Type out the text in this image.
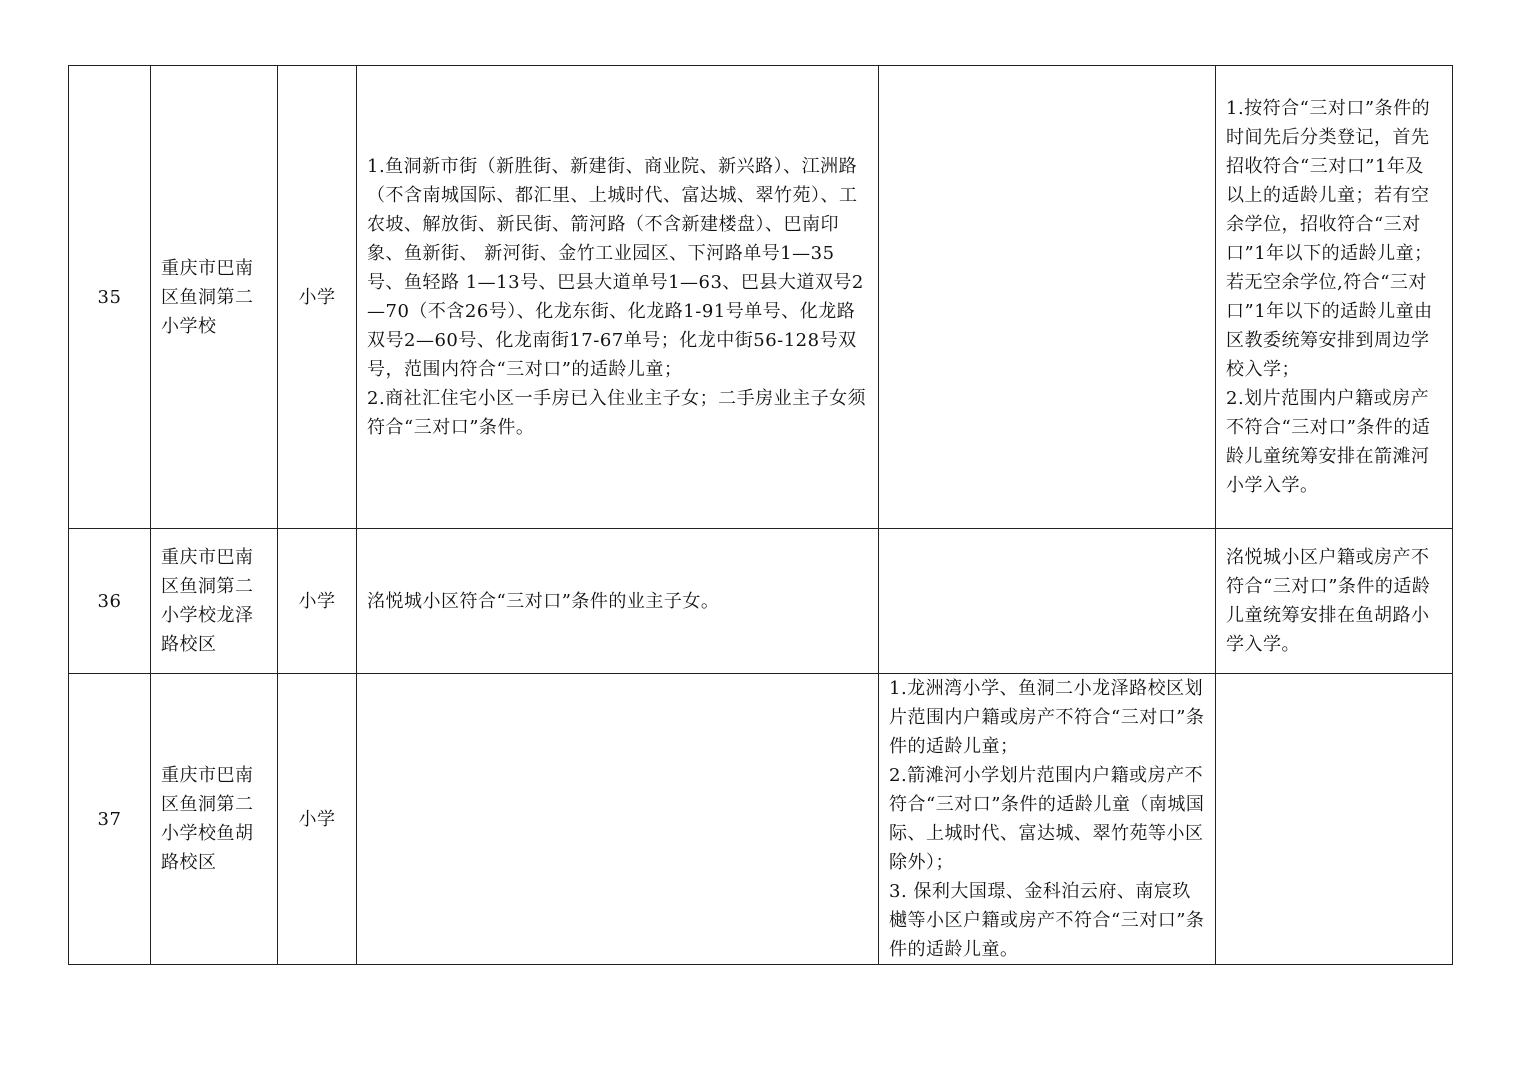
35	重庆市巴南区鱼洞第二小学校	小学	1.鱼洞新市街（新胜街、新建街、商业院、新兴路）、江洲路（不含南城国际、都汇里、上城时代、富达城、翠竹苑）、工农坡、解放街、新民街、箭河路（不含新建楼盘）、巴南印象、鱼新街、 新河街、金竹工业园区、下河路单号1—35号、鱼轻路 1—13号、巴县大道单号1—63、巴县大道双号2—70（不含26号）、化龙东街、化龙路1-91号单号、化龙路双号2—60号、化龙南街17-67单号；化龙中街56-128号双号，范围内符合“三对口”的适龄儿童；
2.商社汇住宅小区一手房已入住业主子女；二手房业主子女须符合“三对口”条件。		1.按符合“三对口”条件的时间先后分类登记，首先招收符合“三对口”1年及以上的适龄儿童；若有空余学位，招收符合“三对口”1年以下的适龄儿童；若无空余学位,符合“三对口”1年以下的适龄儿童由区教委统筹安排到周边学校入学；
2.划片范围内户籍或房产不符合“三对口”条件的适龄儿童统筹安排在箭滩河小学入学。

36	重庆市巴南区鱼洞第二小学校龙泽路校区	小学	洺悦城小区符合“三对口”条件的业主子女。		洺悦城小区户籍或房产不符合“三对口”条件的适龄儿童统筹安排在鱼胡路小学入学。
37	重庆市巴南区鱼洞第二小学校鱼胡路校区	小学		1.龙洲湾小学、鱼洞二小龙泽路校区划片范围内户籍或房产不符合“三对口”条件的适龄儿童；
2.箭滩河小学划片范围内户籍或房产不符合“三对口”条件的适龄儿童（南城国际、上城时代、富达城、翠竹苑等小区除外）；
3. 保利大国璟、金科泊云府、南宸玖樾等小区户籍或房产不符合“三对口”条件的适龄儿童。	
